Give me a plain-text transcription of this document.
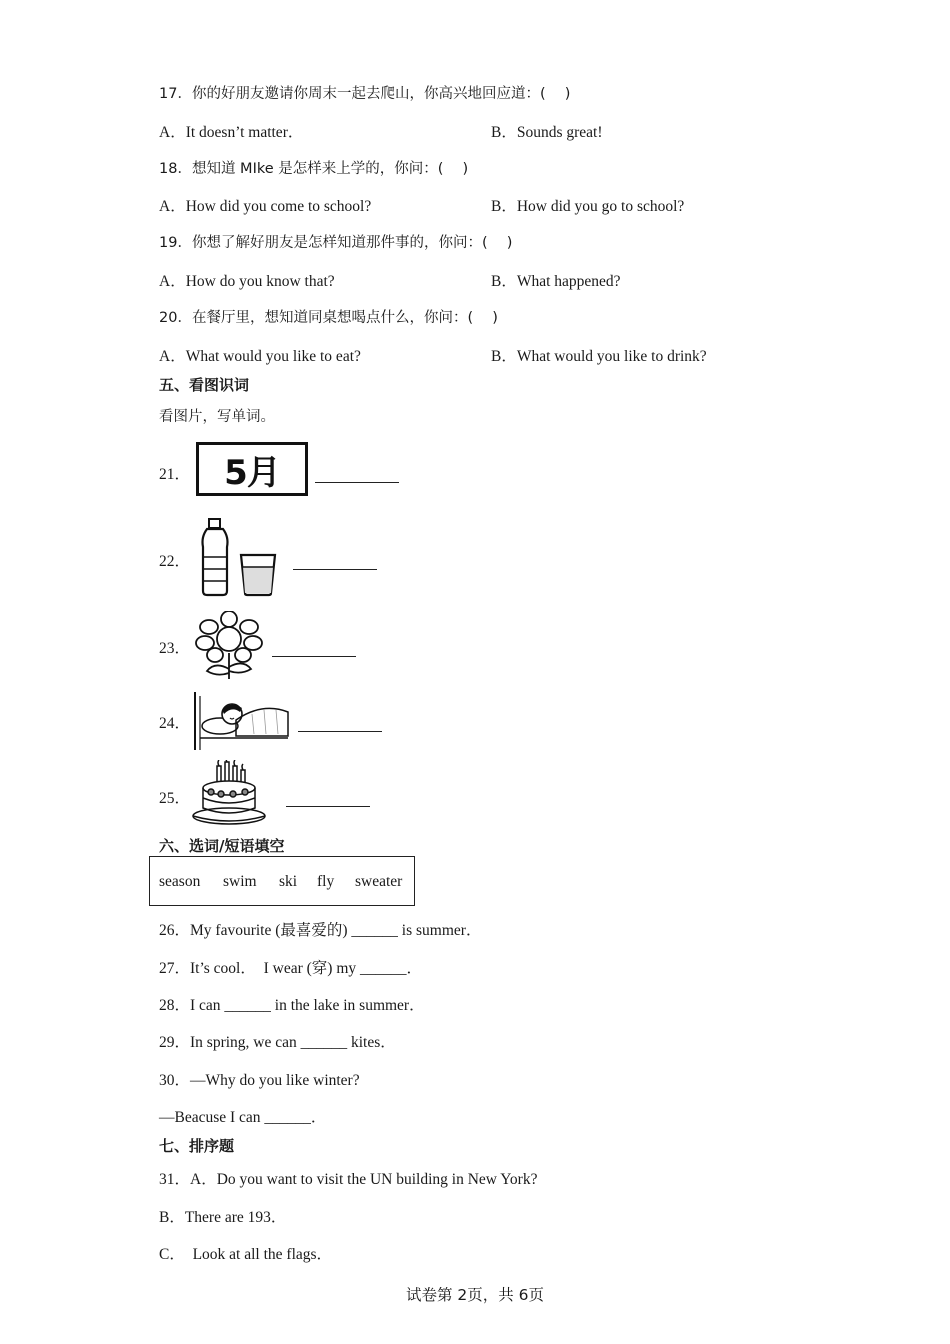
17．你的好朋友邀请你周末一起去爬山，你高兴地回应道：(　 )
A．It doesn’t matter．	B．Sounds great!
18．想知道 MIke 是怎样来上学的，你问：(　 )
A．How did you come to school?	B．How did you go to school?
19．你想了解好朋友是怎样知道那件事的，你问：(　 )
A．How do you know that?	B．What happened?
20．在餐厅里，想知道同桌想喝点什么，你问：(　 )
A．What would you like to eat?	B．What would you like to drink?
五、看图识词
看图片，写单词。
21． 5月
22．
23．
24．
25．
六、选词/短语填空
season swim ski fly sweater
26．My favourite (最喜爱的) ______ is summer．
27．It’s cool．　I wear (穿) my ______．
28．I can ______ in the lake in summer．
29．In spring, we can ______ kites．
30．—Why do you like winter?
—Beacuse I can ______．
七、排序题
31．A．Do you want to visit the UN building in New York?
B．There are 193．
C．　Look at all the flags．
试卷第 2页，共 6页
